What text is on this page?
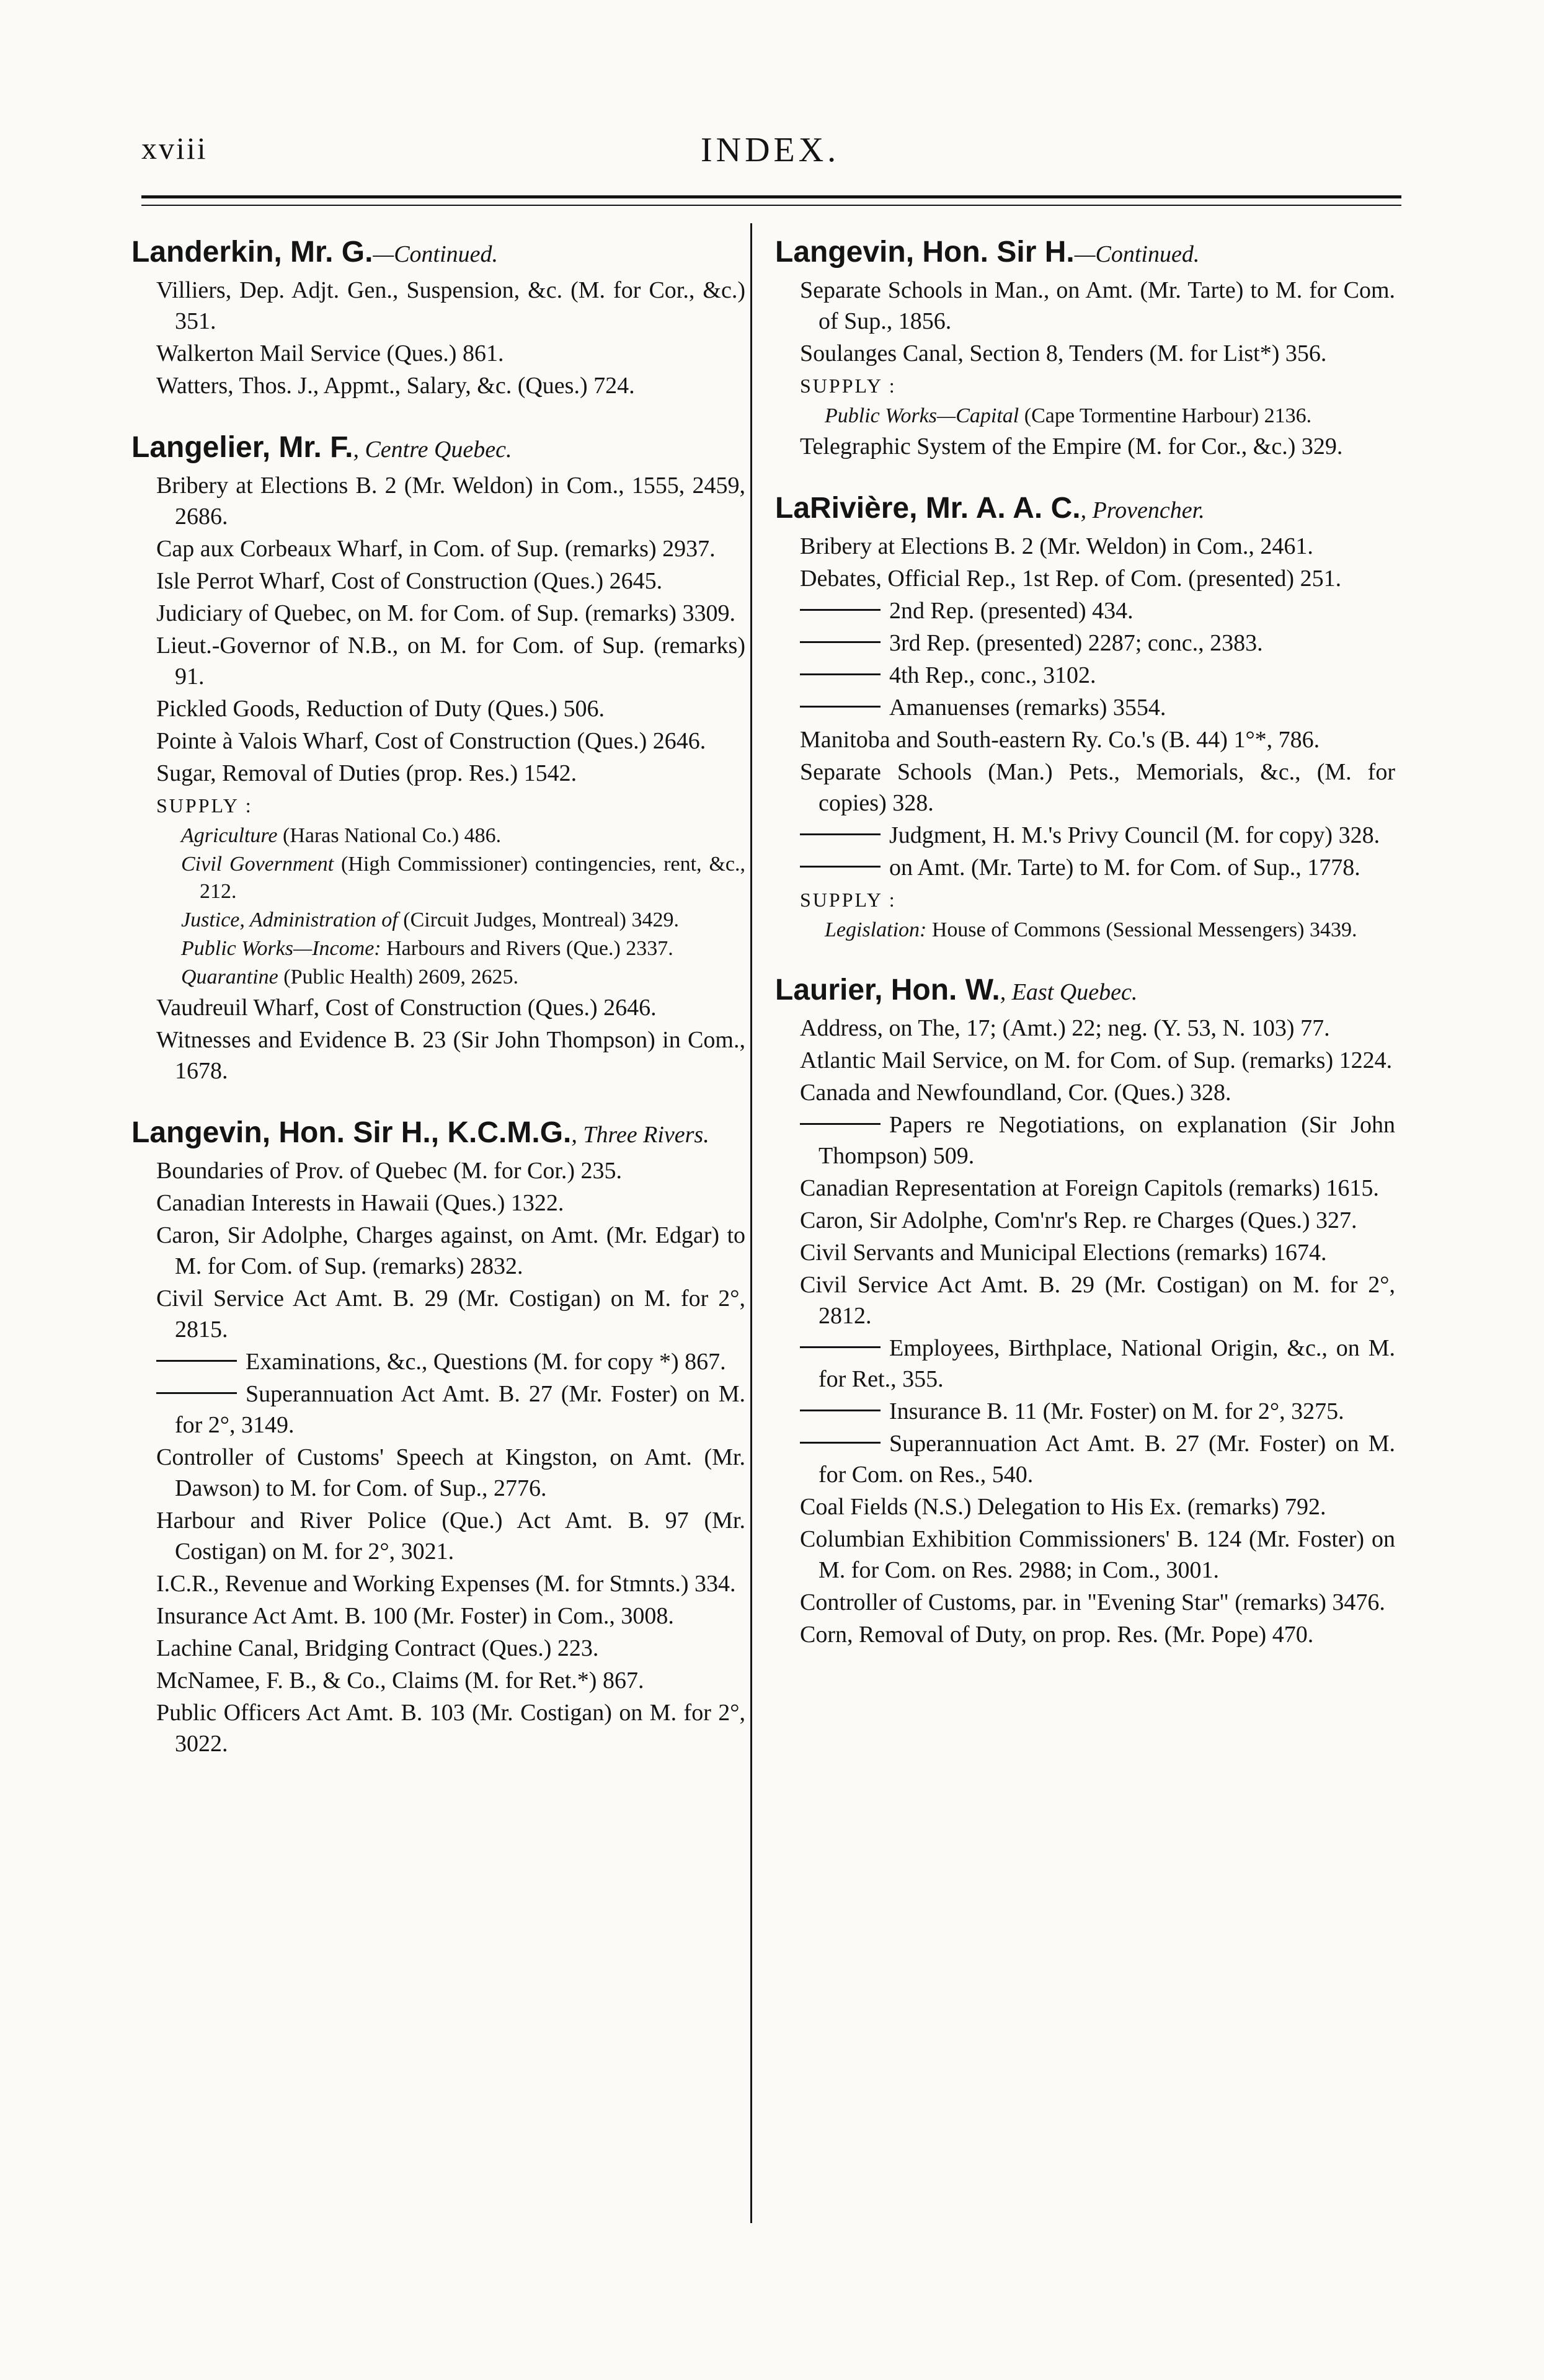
xviii	INDEX.
Landerkin, Mr. G.—Continued.
Villiers, Dep. Adjt. Gen., Suspension, &c. (M. for Cor., &c.) 351.
Walkerton Mail Service (Ques.) 861.
Watters, Thos. J., Appmt., Salary, &c. (Ques.) 724.
Langelier, Mr. F., Centre Quebec.
Bribery at Elections B. 2 (Mr. Weldon) in Com., 1555, 2459, 2686.
Cap aux Corbeaux Wharf, in Com. of Sup. (remarks) 2937.
Isle Perrot Wharf, Cost of Construction (Ques.) 2645.
Judiciary of Quebec, on M. for Com. of Sup. (remarks) 3309.
Lieut.-Governor of N.B., on M. for Com. of Sup. (remarks) 91.
Pickled Goods, Reduction of Duty (Ques.) 506.
Pointe à Valois Wharf, Cost of Construction (Ques.) 2646.
Sugar, Removal of Duties (prop. Res.) 1542.
SUPPLY :
Agriculture (Haras National Co.) 486.
Civil Government (High Commissioner) contingencies, rent, &c., 212.
Justice, Administration of (Circuit Judges, Montreal) 3429.
Public Works—Income: Harbours and Rivers (Que.) 2337.
Quarantine (Public Health) 2609, 2625.
Vaudreuil Wharf, Cost of Construction (Ques.) 2646.
Witnesses and Evidence B. 23 (Sir John Thompson) in Com., 1678.
Langevin, Hon. Sir H., K.C.M.G., Three Rivers.
Boundaries of Prov. of Quebec (M. for Cor.) 235.
Canadian Interests in Hawaii (Ques.) 1322.
Caron, Sir Adolphe, Charges against, on Amt. (Mr. Edgar) to M. for Com. of Sup. (remarks) 2832.
Civil Service Act Amt. B. 29 (Mr. Costigan) on M. for 2°, 2815.
Examinations, &c., Questions (M. for copy *) 867.
Superannuation Act Amt. B. 27 (Mr. Foster) on M. for 2°, 3149.
Controller of Customs' Speech at Kingston, on Amt. (Mr. Dawson) to M. for Com. of Sup., 2776.
Harbour and River Police (Que.) Act Amt. B. 97 (Mr. Costigan) on M. for 2°, 3021.
I.C.R., Revenue and Working Expenses (M. for Stmnts.) 334.
Insurance Act Amt. B. 100 (Mr. Foster) in Com., 3008.
Lachine Canal, Bridging Contract (Ques.) 223.
McNamee, F. B., & Co., Claims (M. for Ret.*) 867.
Public Officers Act Amt. B. 103 (Mr. Costigan) on M. for 2°, 3022.
Langevin, Hon. Sir H.—Continued.
Separate Schools in Man., on Amt. (Mr. Tarte) to M. for Com. of Sup., 1856.
Soulanges Canal, Section 8, Tenders (M. for List*) 356.
SUPPLY :
Public Works—Capital (Cape Tormentine Harbour) 2136.
Telegraphic System of the Empire (M. for Cor., &c.) 329.
LaRivière, Mr. A. A. C., Provencher.
Bribery at Elections B. 2 (Mr. Weldon) in Com., 2461.
Debates, Official Rep., 1st Rep. of Com. (presented) 251.
2nd Rep. (presented) 434.
3rd Rep. (presented) 2287; conc., 2383.
4th Rep., conc., 3102.
Amanuenses (remarks) 3554.
Manitoba and South-eastern Ry. Co.'s (B. 44) 1°*, 786.
Separate Schools (Man.) Pets., Memorials, &c., (M. for copies) 328.
Judgment, H. M.'s Privy Council (M. for copy) 328.
on Amt. (Mr. Tarte) to M. for Com. of Sup., 1778.
SUPPLY :
Legislation: House of Commons (Sessional Messengers) 3439.
Laurier, Hon. W., East Quebec.
Address, on The, 17; (Amt.) 22; neg. (Y. 53, N. 103) 77.
Atlantic Mail Service, on M. for Com. of Sup. (remarks) 1224.
Canada and Newfoundland, Cor. (Ques.) 328.
Papers re Negotiations, on explanation (Sir John Thompson) 509.
Canadian Representation at Foreign Capitols (remarks) 1615.
Caron, Sir Adolphe, Com'nr's Rep. re Charges (Ques.) 327.
Civil Servants and Municipal Elections (remarks) 1674.
Civil Service Act Amt. B. 29 (Mr. Costigan) on M. for 2°, 2812.
Employees, Birthplace, National Origin, &c., on M. for Ret., 355.
Insurance B. 11 (Mr. Foster) on M. for 2°, 3275.
Superannuation Act Amt. B. 27 (Mr. Foster) on M. for Com. on Res., 540.
Coal Fields (N.S.) Delegation to His Ex. (remarks) 792.
Columbian Exhibition Commissioners' B. 124 (Mr. Foster) on M. for Com. on Res. 2988; in Com., 3001.
Controller of Customs, par. in "Evening Star" (remarks) 3476.
Corn, Removal of Duty, on prop. Res. (Mr. Pope) 470.
